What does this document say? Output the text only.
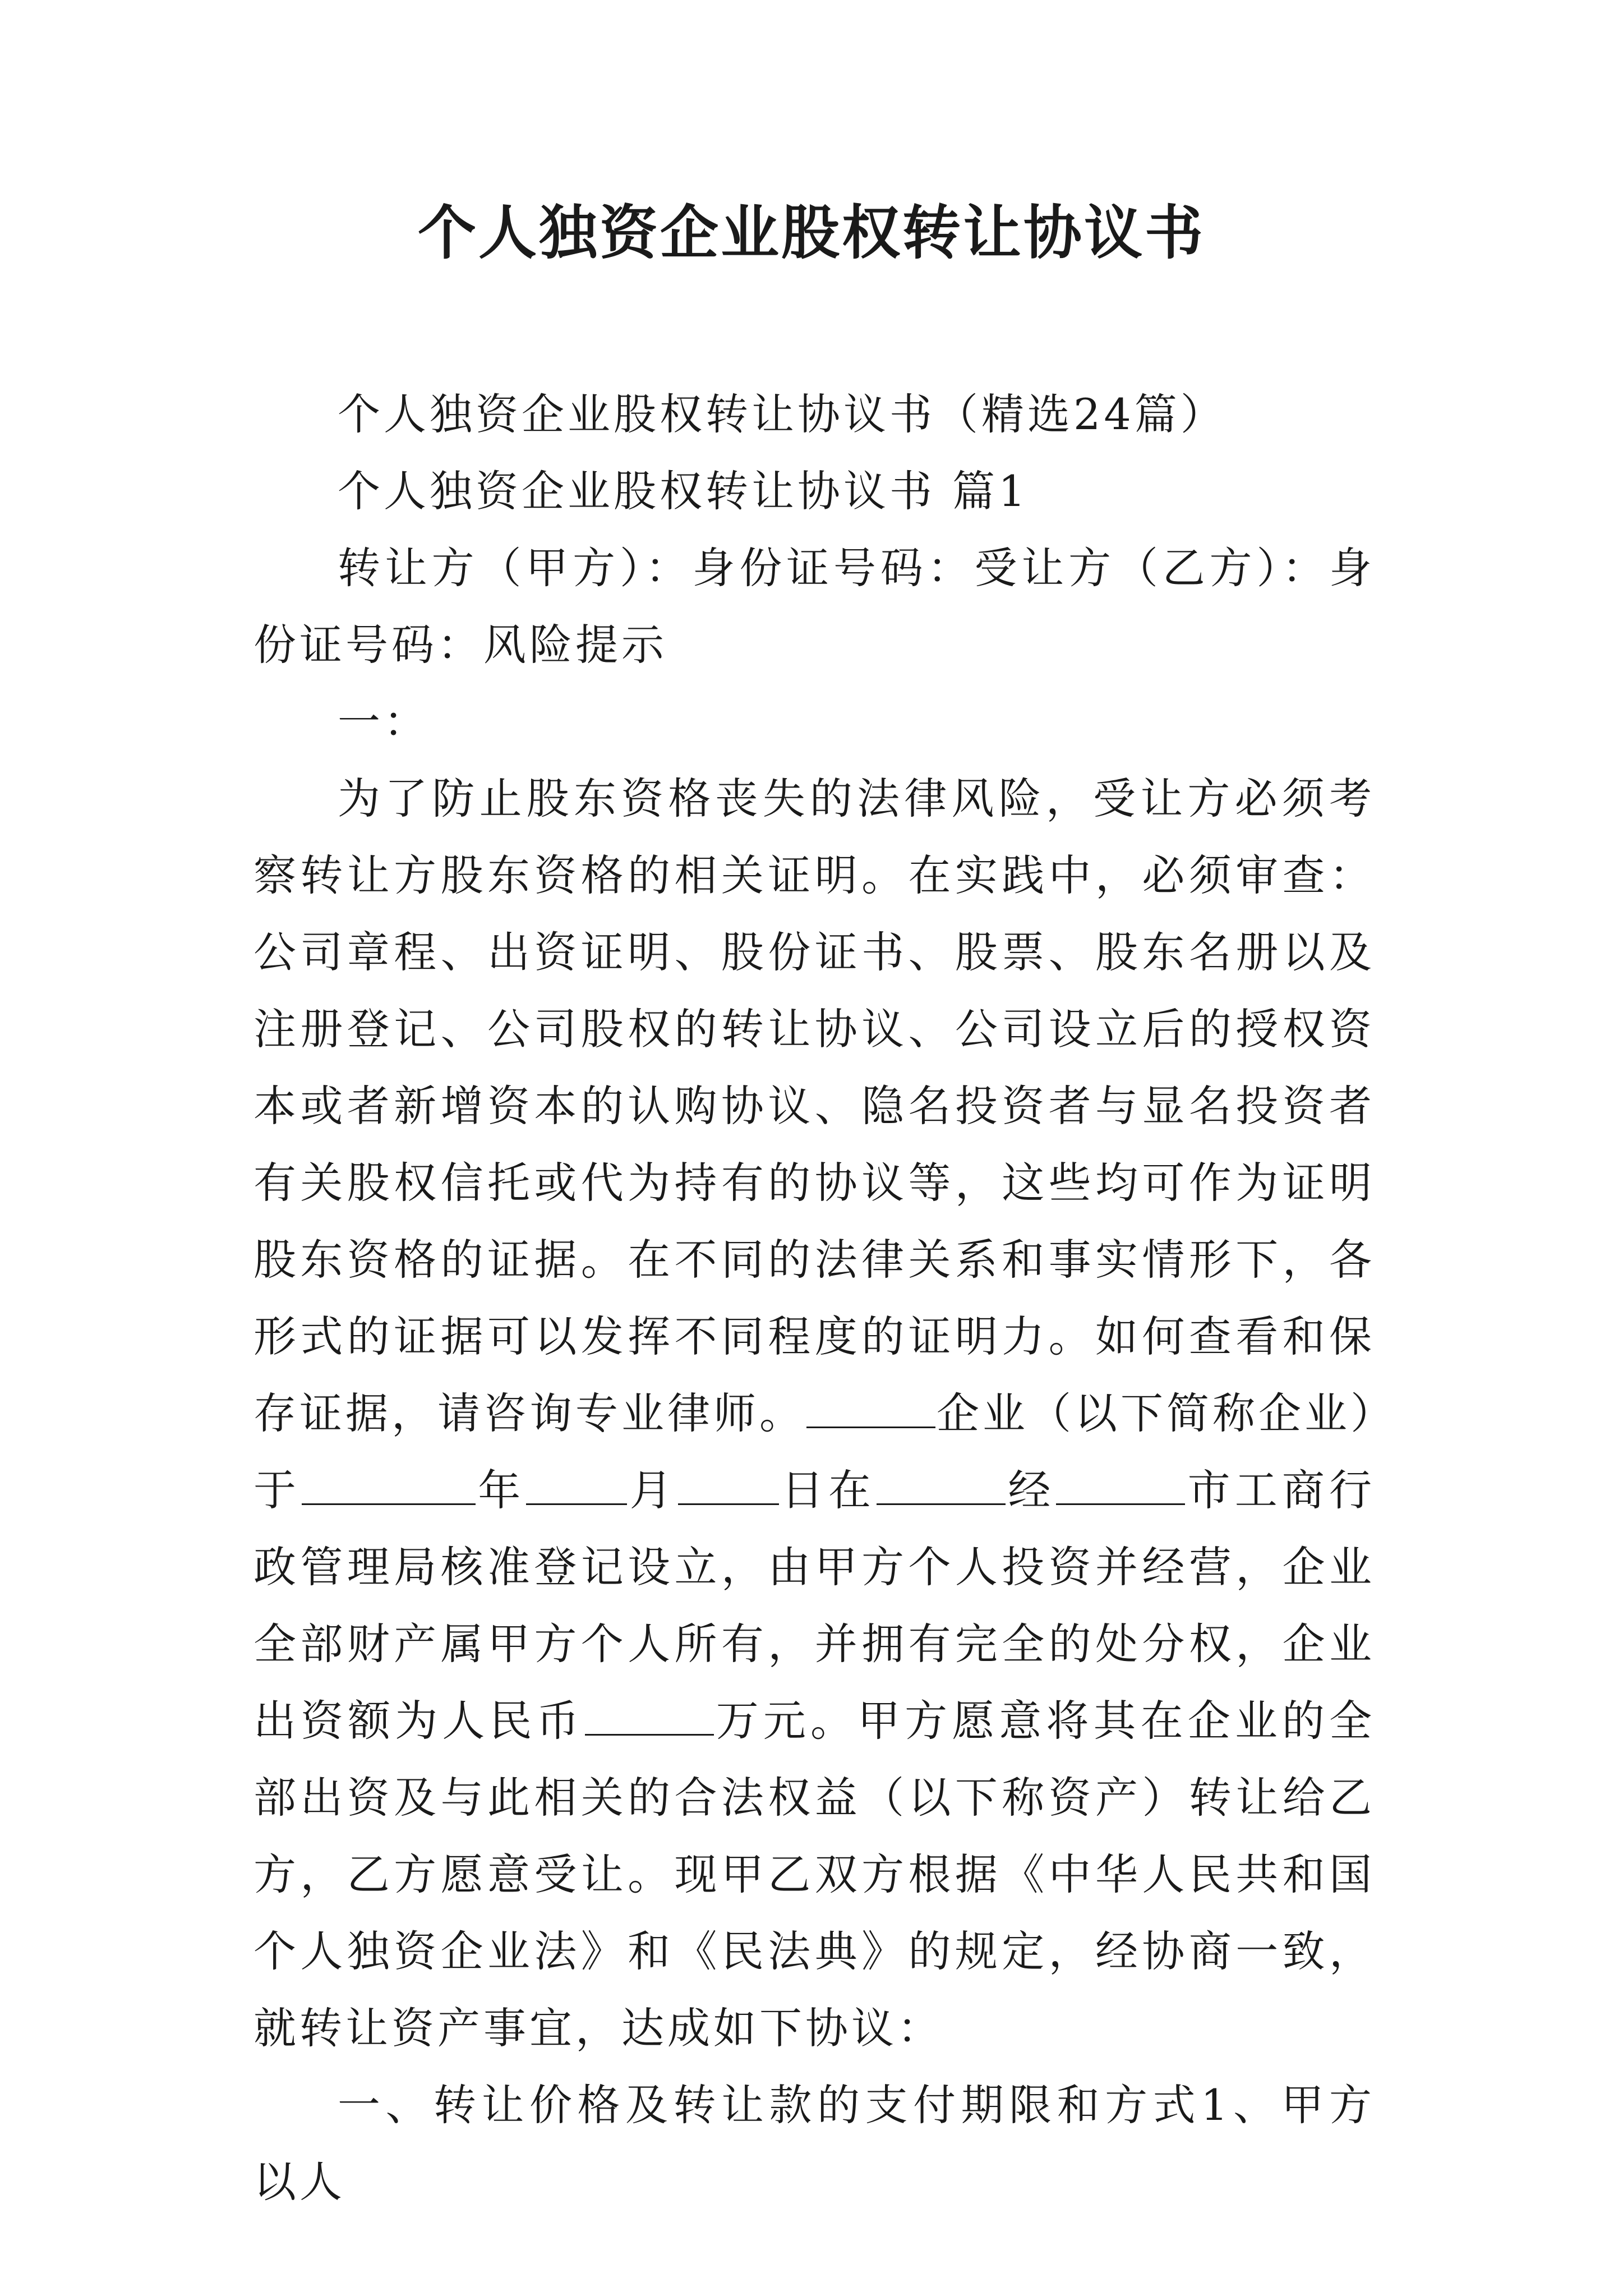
个人独资企业股权转让协议书

个人独资企业股权转让协议书（精选24篇）

个人独资企业股权转让协议书 篇1

转让方（甲方）：身份证号码：受让方（乙方）：身份证号码：风险提示

一：

为了防止股东资格丧失的法律风险，受让方必须考察转让方股东资格的相关证明。在实践中，必须审查：公司章程、出资证明、股份证书、股票、股东名册以及注册登记、公司股权的转让协议、公司设立后的授权资本或者新增资本的认购协议、隐名投资者与显名投资者有关股权信托或代为持有的协议等，这些均可作为证明股东资格的证据。在不同的法律关系和事实情形下，各形式的证据可以发挥不同程度的证明力。如何查看和保存证据，请咨询专业律师。	企业（以下简称企业）于	年 月 日在	经	市工商行政管理局核准登记设立，由甲方个人投资并经营，企业全部财产属甲方个人所有，并拥有完全的处分权，企业出资额为人民币	万元。甲方愿意将其在企业的全部出资及与此相关的合法权益（以下称资产）转让给乙方，乙方愿意受让。现甲乙双方根据《中华人民共和国个人独资企业法》和《民法典》的规定，经协商一致，就转让资产事宜，达成如下协议：

一、转让价格及转让款的支付期限和方式1、甲方以人
